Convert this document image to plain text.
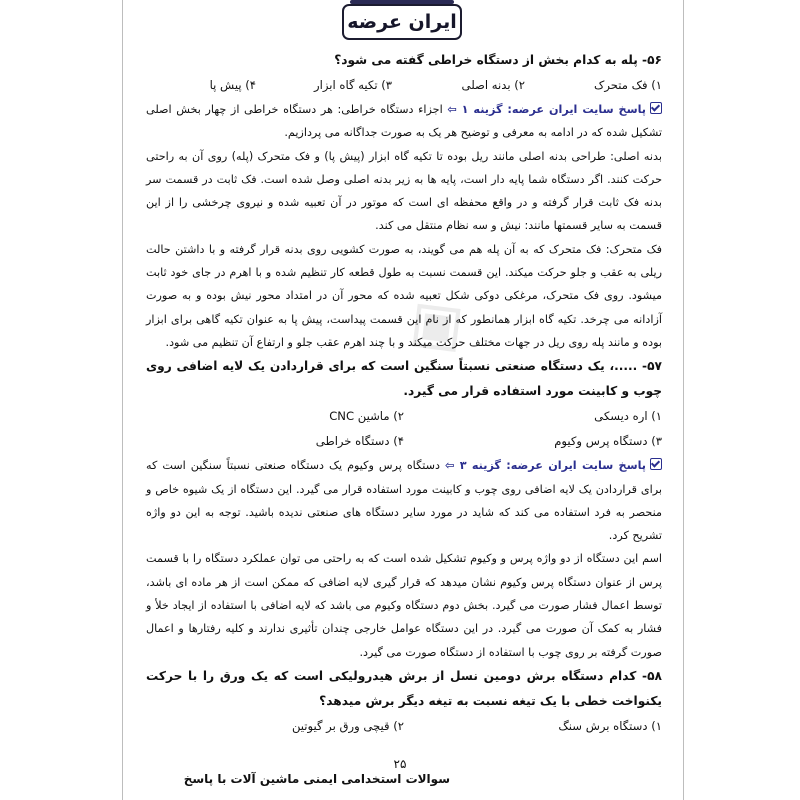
ایران عرضه
◈
۵۶- پله به کدام بخش از دستگاه خراطی گفته می شود؟
۱) فک متحرک
۲) بدنه اصلی
۳) تکیه گاه ابزار
۴) پیش پا

پاسخ سایت ایران عرضه: گزینه ۱ ⇦ اجزاء دستگاه خراطی: هر دستگاه خراطی از چهار بخش اصلی تشکیل شده که در ادامه به معرفی و توضیح هر یک به صورت جداگانه می پردازیم.

بدنه اصلی: طراحی بدنه اصلی مانند ریل بوده تا تکیه گاه ابزار (پیش پا) و فک متحرک (پله) روی آن به راحتی حرکت کنند. اگر دستگاه شما پایه دار است، پایه ها به زیر بدنه اصلی وصل شده است. فک ثابت در قسمت سر بدنه فک ثابت قرار گرفته و در واقع محفظه ای است که موتور در آن تعبیه شده و نیروی چرخشی را از این قسمت به سایر قسمتها مانند: نیش و سه نظام منتقل می کند.

فک متحرک: فک متحرک که به آن پله هم می گویند، به صورت کشویی روی بدنه قرار گرفته و با داشتن حالت ریلی به عقب و جلو حرکت میکند. این قسمت نسبت به طول قطعه کار تنظیم شده و با اهرم در جای خود ثابت میشود. روی فک متحرک، مرغکی دوکی شکل تعبیه شده که محور آن در امتداد محور نیش بوده و به صورت آزادانه می چرخد. تکیه گاه ابزار همانطور که از نام این قسمت پیداست، پیش پا به عنوان تکیه گاهی برای ابزار بوده و مانند پله روی ریل در جهات مختلف حرکت میکند و با چند اهرم عقب جلو و ارتفاع آن تنظیم می شود.

۵۷- .....، یک دستگاه صنعتی نسبتاً سنگین است که برای قراردادن یک لایه اضافی روی چوب و کابینت مورد استفاده قرار می گیرد.
۱) اره دیسکی
۲) ماشین CNC
۳) دستگاه پرس وکیوم
۴) دستگاه خراطی

پاسخ سایت ایران عرضه: گزینه ۳ ⇦ دستگاه پرس وکیوم یک دستگاه صنعتی نسبتاً سنگین است که برای قراردادن یک لایه اضافی روی چوب و کابینت مورد استفاده قرار می گیرد. این دستگاه از یک شیوه خاص و منحصر به فرد استفاده می کند که شاید در مورد سایر دستگاه های صنعتی ندیده باشید. توجه به این دو واژه تشریح کرد.

اسم این دستگاه از دو واژه پرس و وکیوم تشکیل شده است که به راحتی می توان عملکرد دستگاه را با قسمت پرس از عنوان دستگاه پرس وکیوم نشان میدهد که قرار گیری لایه اضافی که ممکن است از هر ماده ای باشد، توسط اعمال فشار صورت می گیرد. بخش دوم دستگاه وکیوم می باشد که لایه اضافی با استفاده از ایجاد خلأ و فشار به کمک آن صورت می گیرد. در این دستگاه عوامل خارجی چندان تأثیری ندارند و کلیه رفتارها و اعمال صورت گرفته بر روی چوب با استفاده از دستگاه صورت می گیرد.

۵۸- کدام دستگاه برش دومین نسل از برش هیدرولیکی است که یک ورق را با حرکت یکنواخت خطی با یک تیغه نسبت به تیغه دیگر برش میدهد؟
۱) دستگاه برش سنگ
۲) قیچی ورق بر گیوتین
۲۵
سوالات استخدامی ایمنی ماشین آلات با پاسخ
